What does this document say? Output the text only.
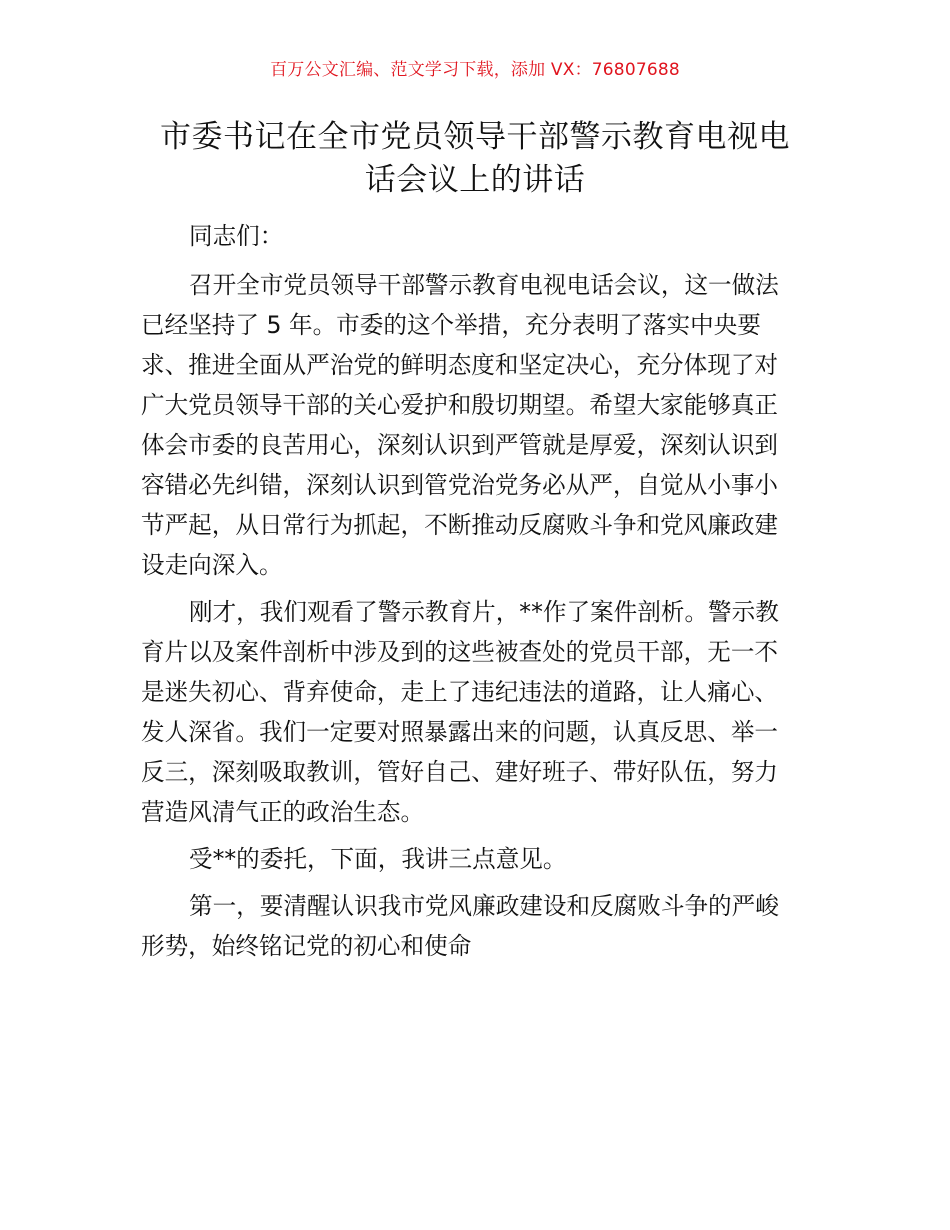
百万公文汇编、范文学习下载，添加 VX：76807688
市委书记在全市党员领导干部警示教育电视电
话会议上的讲话

同志们：

召开全市党员领导干部警示教育电视电话会议，这一做法
已经坚持了 5 年。市委的这个举措，充分表明了落实中央要
求、推进全面从严治党的鲜明态度和坚定决心，充分体现了对
广大党员领导干部的关心爱护和殷切期望。希望大家能够真正
体会市委的良苦用心，深刻认识到严管就是厚爱，深刻认识到
容错必先纠错，深刻认识到管党治党务必从严，自觉从小事小
节严起，从日常行为抓起，不断推动反腐败斗争和党风廉政建
设走向深入。

刚才，我们观看了警示教育片，**作了案件剖析。警示教
育片以及案件剖析中涉及到的这些被查处的党员干部，无一不
是迷失初心、背弃使命，走上了违纪违法的道路，让人痛心、
发人深省。我们一定要对照暴露出来的问题，认真反思、举一
反三，深刻吸取教训，管好自己、建好班子、带好队伍，努力
营造风清气正的政治生态。

受**的委托，下面，我讲三点意见。

第一，要清醒认识我市党风廉政建设和反腐败斗争的严峻
形势，始终铭记党的初心和使命
